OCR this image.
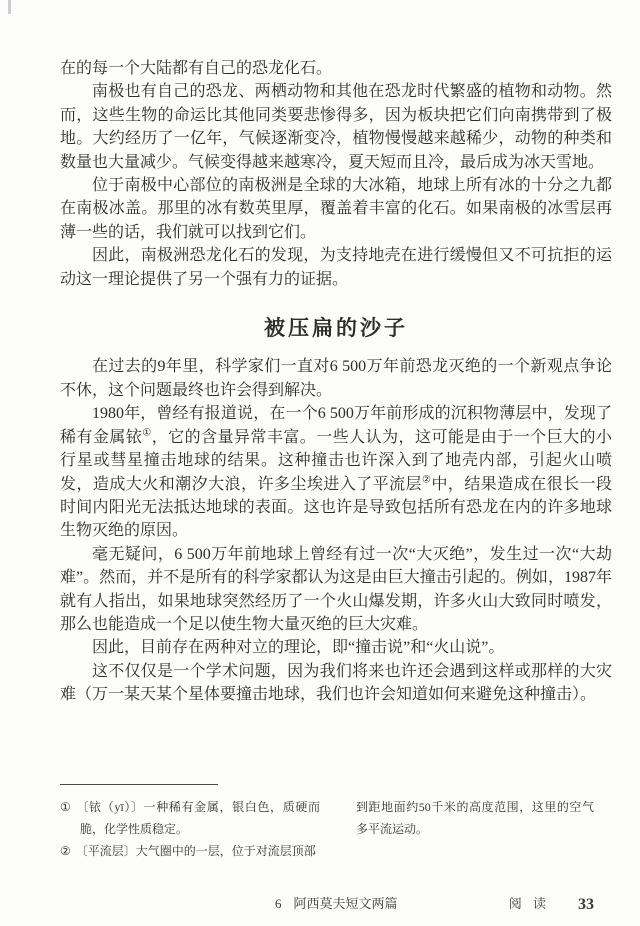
在的每一个大陆都有自己的恐龙化石。

南极也有自己的恐龙、两栖动物和其他在恐龙时代繁盛的植物和动物。然而，这些生物的命运比其他同类要悲惨得多，因为板块把它们向南携带到了极地。大约经历了一亿年，气候逐渐变冷，植物慢慢越来越稀少，动物的种类和数量也大量减少。气候变得越来越寒冷，夏天短而且冷，最后成为冰天雪地。

位于南极中心部位的南极洲是全球的大冰箱，地球上所有冰的十分之九都在南极冰盖。那里的冰有数英里厚，覆盖着丰富的化石。如果南极的冰雪层再薄一些的话，我们就可以找到它们。

因此，南极洲恐龙化石的发现，为支持地壳在进行缓慢但又不可抗拒的运动这一理论提供了另一个强有力的证据。

被压扁的沙子

在过去的9年里，科学家们一直对6 500万年前恐龙灭绝的一个新观点争论不休，这个问题最终也许会得到解决。

1980年，曾经有报道说，在一个6 500万年前形成的沉积物薄层中，发现了稀有金属铱①，它的含量异常丰富。一些人认为，这可能是由于一个巨大的小行星或彗星撞击地球的结果。这种撞击也许深入到了地壳内部，引起火山喷发，造成大火和潮汐大浪，许多尘埃进入了平流层②中，结果造成在很长一段时间内阳光无法抵达地球的表面。这也许是导致包括所有恐龙在内的许多地球生物灭绝的原因。

毫无疑问，6 500万年前地球上曾经有过一次“大灭绝”，发生过一次“大劫难”。然而，并不是所有的科学家都认为这是由巨大撞击引起的。例如，1987年就有人指出，如果地球突然经历了一个火山爆发期，许多火山大致同时喷发，那么也能造成一个足以使生物大量灭绝的巨大灾难。

因此，目前存在两种对立的理论，即“撞击说”和“火山说”。

这不仅仅是一个学术问题，因为我们将来也许还会遇到这样或那样的大灾难（万一某天某个星体要撞击地球，我们也许会知道如何来避免这种撞击）。

① 〔铱（yī）〕一种稀有金属，银白色，质硬而脆，化学性质稳定。

② 〔平流层〕大气圈中的一层，位于对流层顶部

到距地面约50千米的高度范围，这里的空气多平流运动。

6 阿西莫夫短文两篇	阅 读 33
